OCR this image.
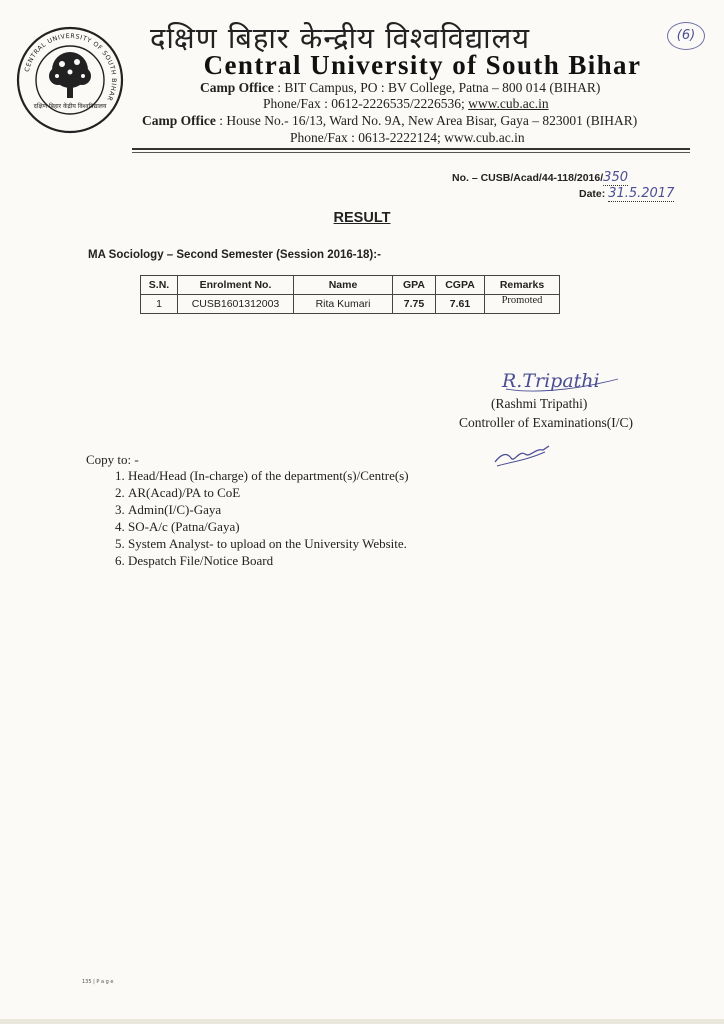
CENTRAL UNIVERSITY OF SOUTH BIHAR
दक्षिण बिहार केंद्रीय विश्वविद्यालय
दक्षिण बिहार केन्द्रीय विश्वविद्यालय	(6)
Central University of South Bihar
Camp Office : BIT Campus, PO : BV College, Patna – 800 014 (BIHAR)
Phone/Fax : 0612-2226535/2226536; www.cub.ac.in
Camp Office : House No.- 16/13, Ward No. 9A, New Area Bisar, Gaya – 823001 (BIHAR)
Phone/Fax : 0613-2222124; www.cub.ac.in
No. – CUSB/Acad/44-118/2016/350
Date: 31.5.2017
RESULT
MA Sociology – Second Semester (Session 2016-18):-
S.N.	Enrolment No.	Name	GPA	CGPA	Remarks
1	CUSB1601312003	Rita Kumari	7.75	7.61	Promoted
R.Tripathi
(Rashmi Tripathi)
Controller of Examinations(I/C)
Copy to: -
1. Head/Head (In-charge) of the department(s)/Centre(s)
2. AR(Acad)/PA to CoE
3. Admin(I/C)-Gaya
4. SO-A/c (Patna/Gaya)
5. System Analyst- to upload on the University Website.
6. Despatch File/Notice Board
135 | P a g e
